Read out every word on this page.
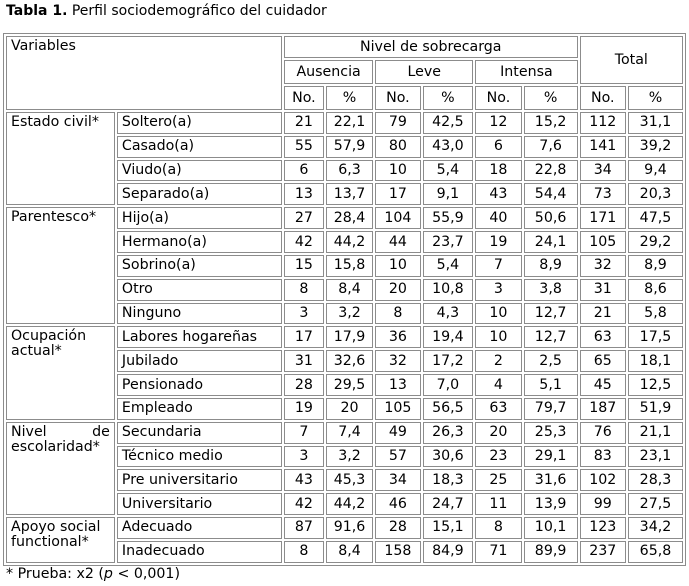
Tabla 1. Perfil sociodemográfico del cuidador
Variables		Nivel de sobrecarga						Total	
		Ausencia		Leve		Intensa			
		No.	%	No.	%	No.	%	No.	%

Estado civil*	Soltero(a)	21	22,1	79	42,5	12	15,2	112	31,1
	Casado(a)	55	57,9	80	43,0	6	7,6	141	39,2
	Viudo(a)	6	6,3	10	5,4	18	22,8	34	9,4
	Separado(a)	13	13,7	17	9,1	43	54,4	73	20,3

Parentesco*	Hijo(a)	27	28,4	104	55,9	40	50,6	171	47,5
	Hermano(a)	42	44,2	44	23,7	19	24,1	105	29,2
	Sobrino(a)	15	15,8	10	5,4	7	8,9	32	8,9
	Otro	8	8,4	20	10,8	3	3,8	31	8,6
	Ninguno	3	3,2	8	4,3	10	12,7	21	5,8

Ocupación
actual*	Labores hogareñas	17	17,9	36	19,4	10	12,7	63	17,5
	Jubilado	31	32,6	32	17,2	2	2,5	65	18,1
	Pensionado	28	29,5	13	7,0	4	5,1	45	12,5
	Empleado	19	20	105	56,5	63	79,7	187	51,9

Nivel de
escolaridad*	Secundaria	7	7,4	49	26,3	20	25,3	76	21,1
	Técnico medio	3	3,2	57	30,6	23	29,1	83	23,1
	Pre universitario	43	45,3	34	18,3	25	31,6	102	28,3
	Universitario	42	44,2	46	24,7	11	13,9	99	27,5

Apoyo social
functional*	Adecuado	87	91,6	28	15,1	8	10,1	123	34,2
	Inadecuado	8	8,4	158	84,9	71	89,9	237	65,8
* Prueba: x2 (p < 0,001)
